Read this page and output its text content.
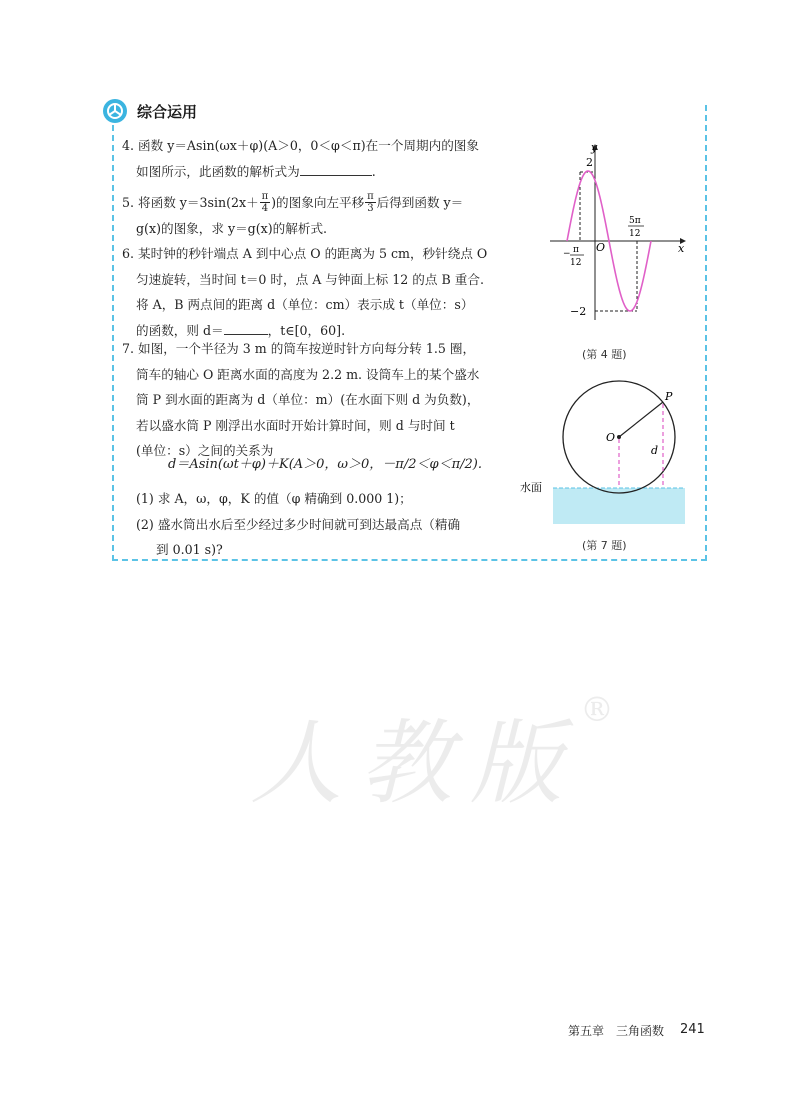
综合运用
4. 函数 y＝Asin(ωx＋φ)(A＞0，0＜φ＜π)在一个周期内的图象
如图所示，此函数的解析式为	.
5. 将函数 y＝3sin(2x＋ π
4 )的图象向左平移 π
3 后得到函数 y＝
g(x)的图象，求 y＝g(x)的解析式.
6. 某时钟的秒针端点 A 到中心点 O 的距离为 5 cm，秒针绕点 O
匀速旋转，当时间 t＝0 时，点 A 与钟面上标 12 的点 B 重合.
将 A，B 两点间的距离 d（单位：cm）表示成 t（单位：s）
的函数，则 d＝	，t∈[0，60].
7. 如图，一个半径为 3 m 的筒车按逆时针方向每分转 1.5 圈，
筒车的轴心 O 距离水面的高度为 2.2 m. 设筒车上的某个盛水
筒 P 到水面的距离为 d（单位：m）(在水面下则 d 为负数)，
若以盛水筒 P 刚浮出水面时开始计算时间，则 d 与时间 t
(单位：s）之间的关系为
d＝Asin(ωt＋φ)＋K(A＞0，ω＞0，－π/2＜φ＜π/2).
(1) 求 A，ω，φ，K 的值（φ 精确到 0.000 1)；
(2) 盛水筒出水后至少经过多少时间就可到达最高点（精确
到 0.01 s)?
y
x
2
−2
O
− π
12
5π
12
(第 4 题)
O
P
d
水面
(第 7 题)
人教版®
第五章　三角函数 241
